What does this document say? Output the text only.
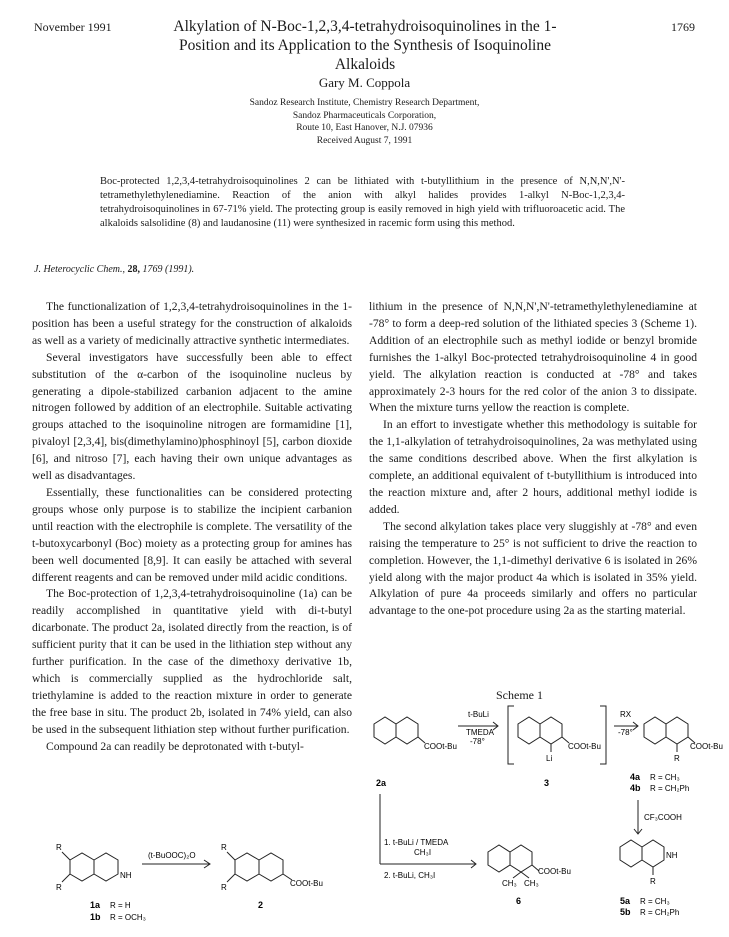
November 1991	1769
Alkylation of N-Boc-1,2,3,4-tetrahydroisoquinolines in the 1-Position and its Application to the Synthesis of Isoquinoline Alkaloids
Gary M. Coppola
Sandoz Research Institute, Chemistry Research Department,
Sandoz Pharmaceuticals Corporation,
Route 10, East Hanover, N.J. 07936
Received August 7, 1991
Boc-protected 1,2,3,4-tetrahydroisoquinolines 2 can be lithiated with t-butyllithium in the presence of N,N,N',N'-tetramethylethylenediamine. Reaction of the anion with alkyl halides provides 1-alkyl N-Boc-1,2,3,4-tetrahydroisoquinolines in 67-71% yield. The protecting group is easily removed in high yield with trifluoroacetic acid. The alkaloids salsolidine (8) and laudanosine (11) were synthesized in racemic form using this method.
J. Heterocyclic Chem., 28, 1769 (1991).

The functionalization of 1,2,3,4-tetrahydroisoquinolines in the 1-position has been a useful strategy for the construction of alkaloids as well as a variety of medicinally attractive synthetic intermediates.

Several investigators have successfully been able to effect substitution of the α-carbon of the isoquinoline nucleus by generating a dipole-stabilized carbanion adjacent to the amine nitrogen followed by addition of an electrophile. Suitable activating groups attached to the isoquinoline nitrogen are formamidine [1], pivaloyl [2,3,4], bis(dimethylamino)phosphinoyl [5], carbon dioxide [6], and nitroso [7], each having their own unique advantages as well as disadvantages.

Essentially, these functionalities can be considered protecting groups whose only purpose is to stabilize the incipient carbanion until reaction with the electrophile is complete. The versatility of the t-butoxycarbonyl (Boc) moiety as a protecting group for amines has been well documented [8,9]. It can easily be attached with several different reagents and can be removed under mild acidic conditions.

The Boc-protection of 1,2,3,4-tetrahydroisoquinoline (1a) can be readily accomplished in quantitative yield with di-t-butyl dicarbonate. The product 2a, isolated directly from the reaction, is of sufficient purity that it can be used in the lithiation step without any further purification. In the case of the dimethoxy derivative 1b, which is commercially supplied as the hydrochloride salt, triethylamine is added to the reaction mixture in order to generate the free base in situ. The product 2b, isolated in 74% yield, can also be used in the subsequent lithiation step without further purification.

Compound 2a can readily be deprotonated with t-butyl-

lithium in the presence of N,N,N',N'-tetramethylethylenediamine at -78° to form a deep-red solution of the lithiated species 3 (Scheme 1). Addition of an electrophile such as methyl iodide or benzyl bromide furnishes the 1-alkyl Boc-protected tetrahydroisoquinoline 4 in good yield. The alkylation reaction is conducted at -78° and takes approximately 2-3 hours for the red color of the anion 3 to dissipate. When the mixture turns yellow the reaction is complete.

In an effort to investigate whether this methodology is suitable for the 1,1-alkylation of tetrahydroisoquinolines, 2a was methylated using the same conditions described above. When the first alkylation is complete, an additional equivalent of t-butyllithium is introduced into the reaction mixture and, after 2 hours, additional methyl iodide is added.

The second alkylation takes place very sluggishly at -78° and even raising the temperature to 25° is not sufficient to drive the reaction to completion. However, the 1,1-dimethyl derivative 6 is isolated in 26% yield along with the major product 4a which is isolated in 35% yield. Alkylation of pure 4a proceeds similarly and offers no particular advantage to the one-pot procedure using 2a as the starting material.

R
R
NH
(t-BuOOC)₂O
R
R	COOt-Bu
1a R = H
1b R = OCH₃
2
Scheme 1
COOt-Bu
t-BuLi
TMEDA
-78°
Li
COOt-Bu
RX
-78°
R
COOt-Bu
2a	3
4a R = CH₃
4b R = CH₂Ph
CF₃COOH
1. t-BuLi / TMEDA
CH₃I
2. t-BuLi, CH₃I
CH₃ CH₃
COOt-Bu
6
NH
R
5a R = CH₃
5b R = CH₂Ph
